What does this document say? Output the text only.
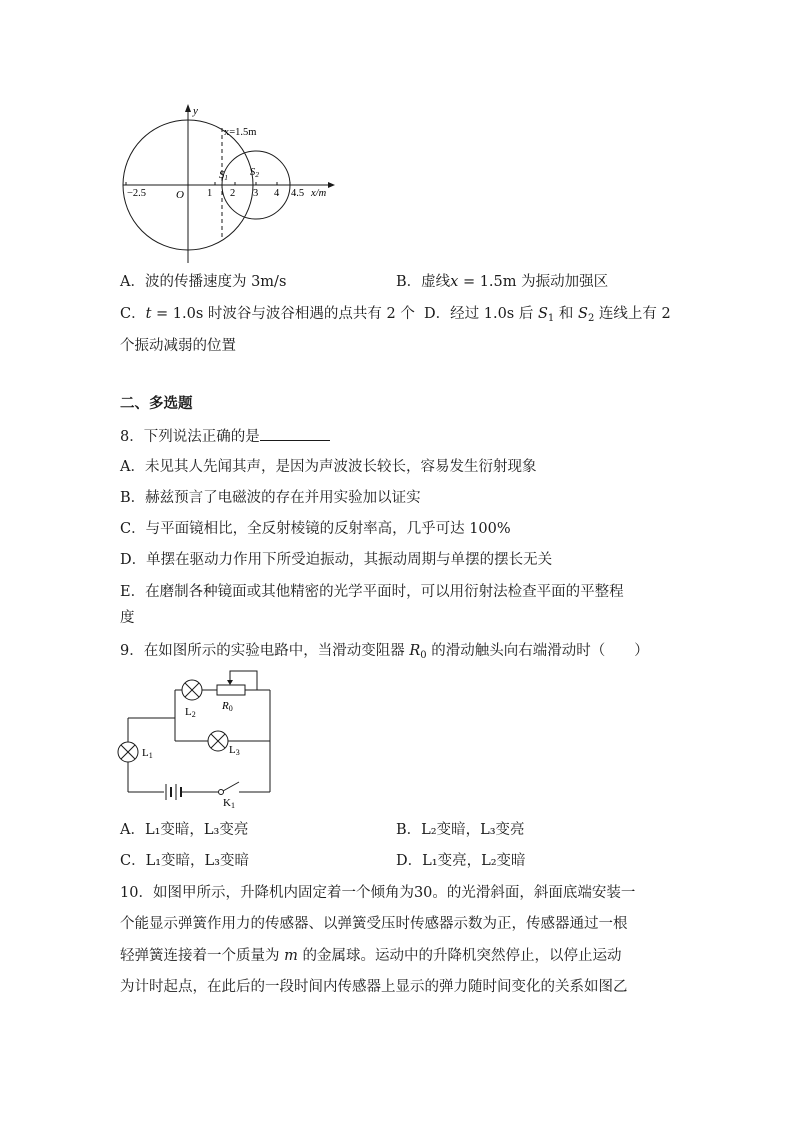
y
x=1.5m
S1 S2
O
−2.5	1 2 3 4 4.5 x/m
A．波的传播速度为 3m/s	B．虚线x = 1.5m 为振动加强区
C．t = 1.0s 时波谷与波谷相遇的点共有 2 个 D．经过 1.0s 后 $S_1$ 和 $S_2$ 连线上有 2
个振动减弱的位置
二、多选题
8．下列说法正确的是
A．未见其人先闻其声，是因为声波波长较长，容易发生衍射现象
B．赫兹预言了电磁波的存在并用实验加以证实
C．与平面镜相比，全反射棱镜的反射率高，几乎可达 100%
D．单摆在驱动力作用下所受迫振动，其振动周期与单摆的摆长无关
E．在磨制各种镜面或其他精密的光学平面时，可以用衍射法检查平面的平整程
度
9．在如图所示的实验电路中，当滑动变阻器 $R_0$ 的滑动触头向右端滑动时（　　）
L1
L2
R0
L3
K1
A．L₁变暗，L₃变亮	B．L₂变暗，L₃变亮
C．L₁变暗，L₃变暗	D．L₁变亮，L₂变暗
10．如图甲所示，升降机内固定着一个倾角为30。的光滑斜面，斜面底端安装一
个能显示弹簧作用力的传感器、以弹簧受压时传感器示数为正，传感器通过一根
轻弹簧连接着一个质量为 m 的金属球。运动中的升降机突然停止，以停止运动
为计时起点，在此后的一段时间内传感器上显示的弹力随时间变化的关系如图乙
